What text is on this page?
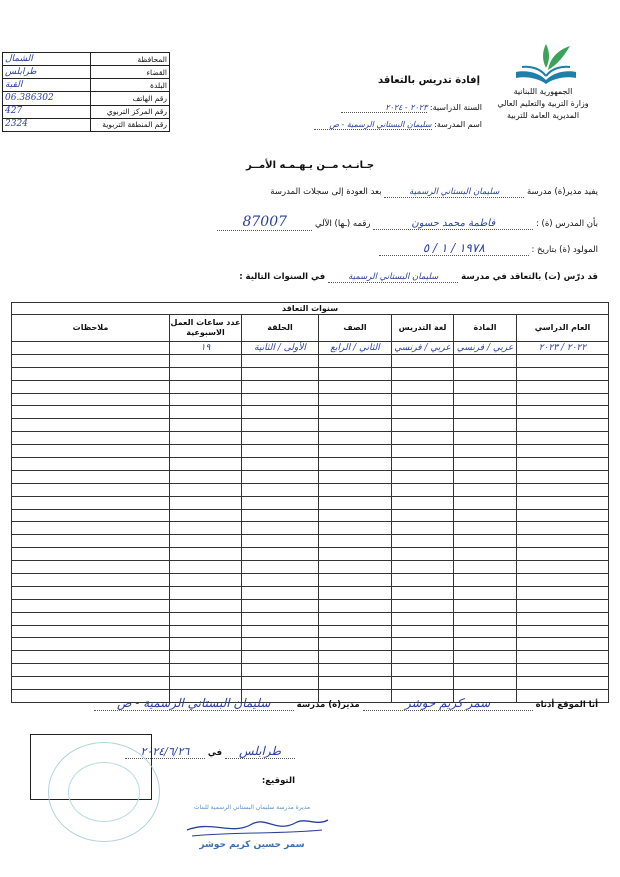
الجمهورية اللبنانية
وزارة التربية والتعليم العالي
المديرية العامة للتربية
إفادة تدريس بالتعاقد
السنة الدراسية: ٢٠٢٣ - ٢٠٢٤
اسم المدرسة: سليمان البستاني الرسمية - ص
الشمال	المحافظة
طرابلس	القضاء
القبة	البلدة
06.386302	رقم الهاتف
427	رقم المركز التربوي
2324	رقم المنطقة التربوية
جـانـب مــن يـهـمـه الأمــر
يفيد مدير(ة) مدرسة سليمان البستاني الرسمية بعد العودة إلى سجلات المدرسة
بأن المدرس (ة) : فاطمة محمد حسون رقمه (ـها) الآلي 87007
المولود (ة) بتاريخ : ١٩٧٨ / ١ / ٥
قد درّس (ت) بالتعاقد في مدرسة سليمان البستاني الرسمية في السنوات التالية :
سنوات التعاقد						
ملاحظات	عدد ساعات العمل الاسبوعية	الحلقة	الصف	لغة التدريس	المادة	العام الدراسي
	١٩	الأولى / الثانية	الثاني / الرابع	عربي / فرنسي	عربي / فرنسي	٢٠٢٢ / ٢٠٢٣

أنا الموقع أدناه سمر كريم حوشر مدير(ة) مدرسة سليمان البستاني الرسمية - ص
طرابلس في ٢٠٢٤/٦/٢٦
التوقيع:
مديرة مدرسة سليمان البستاني الرسمية للبنات
سمر حسين كريم حوشر
